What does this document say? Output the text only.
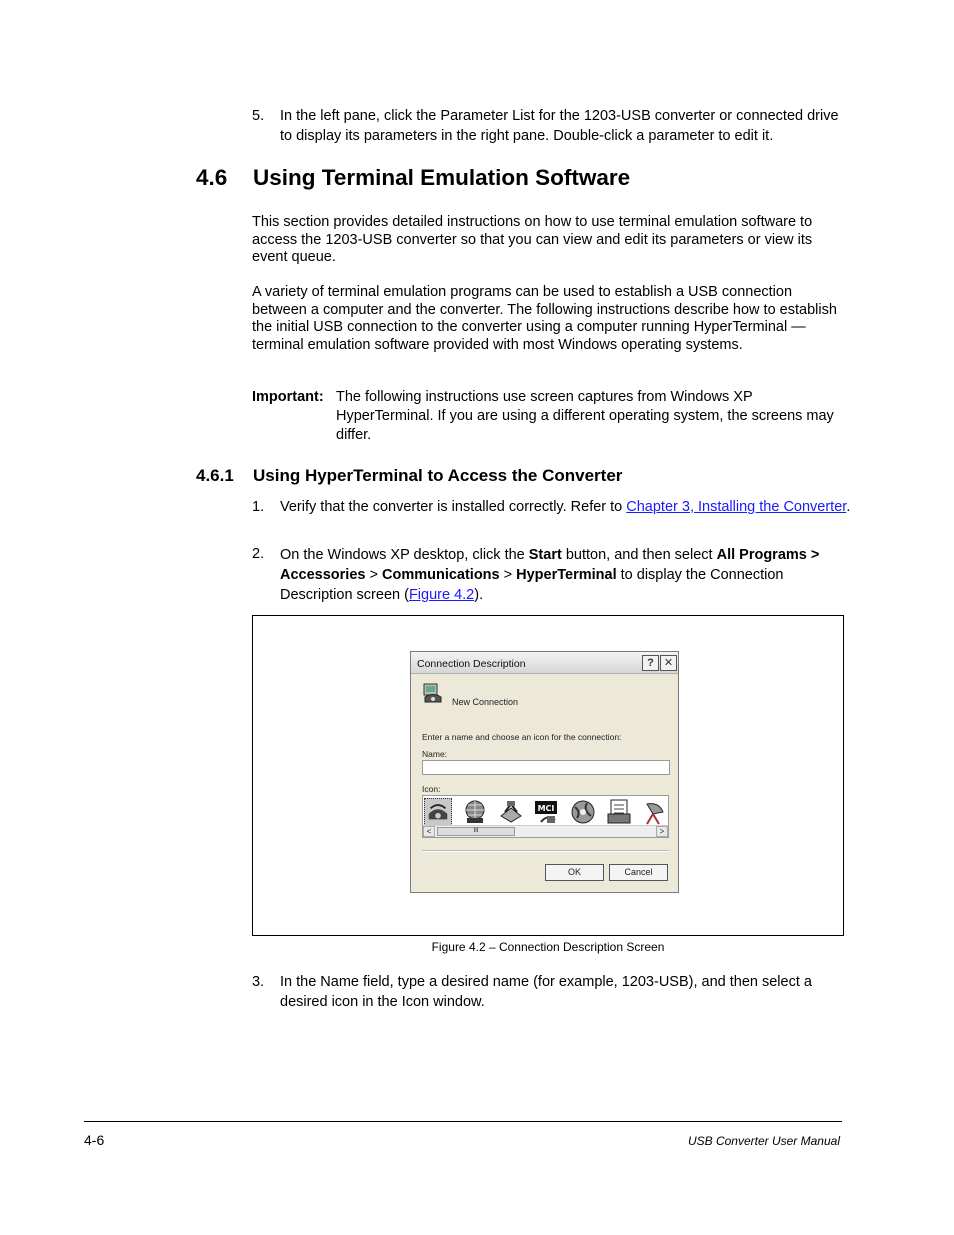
5. In the left pane, click the Parameter List for the 1203-USB converter or connected drive to display its parameters in the right pane. Double-click a parameter to edit it.
4.6 Using Terminal Emulation Software

This section provides detailed instructions on how to use terminal emulation software to access the 1203-USB converter so that you can view and edit its parameters or view its event queue.

A variety of terminal emulation programs can be used to establish a USB connection between a computer and the converter. The following instructions describe how to establish the initial USB connection to the converter using a computer running HyperTerminal — terminal emulation software provided with most Windows operating systems.

Important: The following instructions use screen captures from Windows XP HyperTerminal. If you are using a different operating system, the screens may differ.
4.6.1 Using HyperTerminal to Access the Converter
1. Verify that the converter is installed correctly. Refer to Chapter 3, Installing the Converter.
2. On the Windows XP desktop, click the Start button, and then select All Programs > Accessories > Communications > HyperTerminal to display the Connection Description screen (Figure 4.2).
Connection Description	? ✕
New Connection
Enter a name and choose an icon for the connection:
Name:
Icon:
MCI
<	III	>
OK	Cancel
Figure 4.2 – Connection Description Screen
3. In the Name field, type a desired name (for example, 1203-USB), and then select a desired icon in the Icon window.
4-6	USB Converter User Manual
